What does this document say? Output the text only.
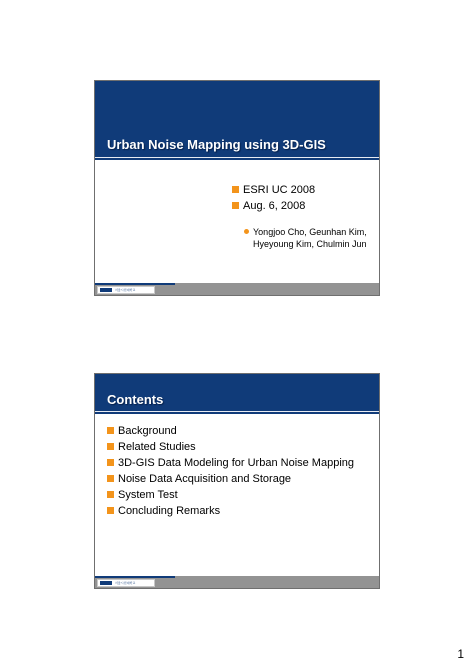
Urban Noise Mapping using 3D-GIS
ESRI UC 2008
Aug. 6, 2008
Yongjoo Cho, Geunhan Kim,
Hyeyoung Kim, Chulmin Jun
서울시립대학교
Contents
Background
Related Studies
3D-GIS Data Modeling for Urban Noise Mapping
Noise Data Acquisition and Storage
System Test
Concluding Remarks
서울시립대학교
1
